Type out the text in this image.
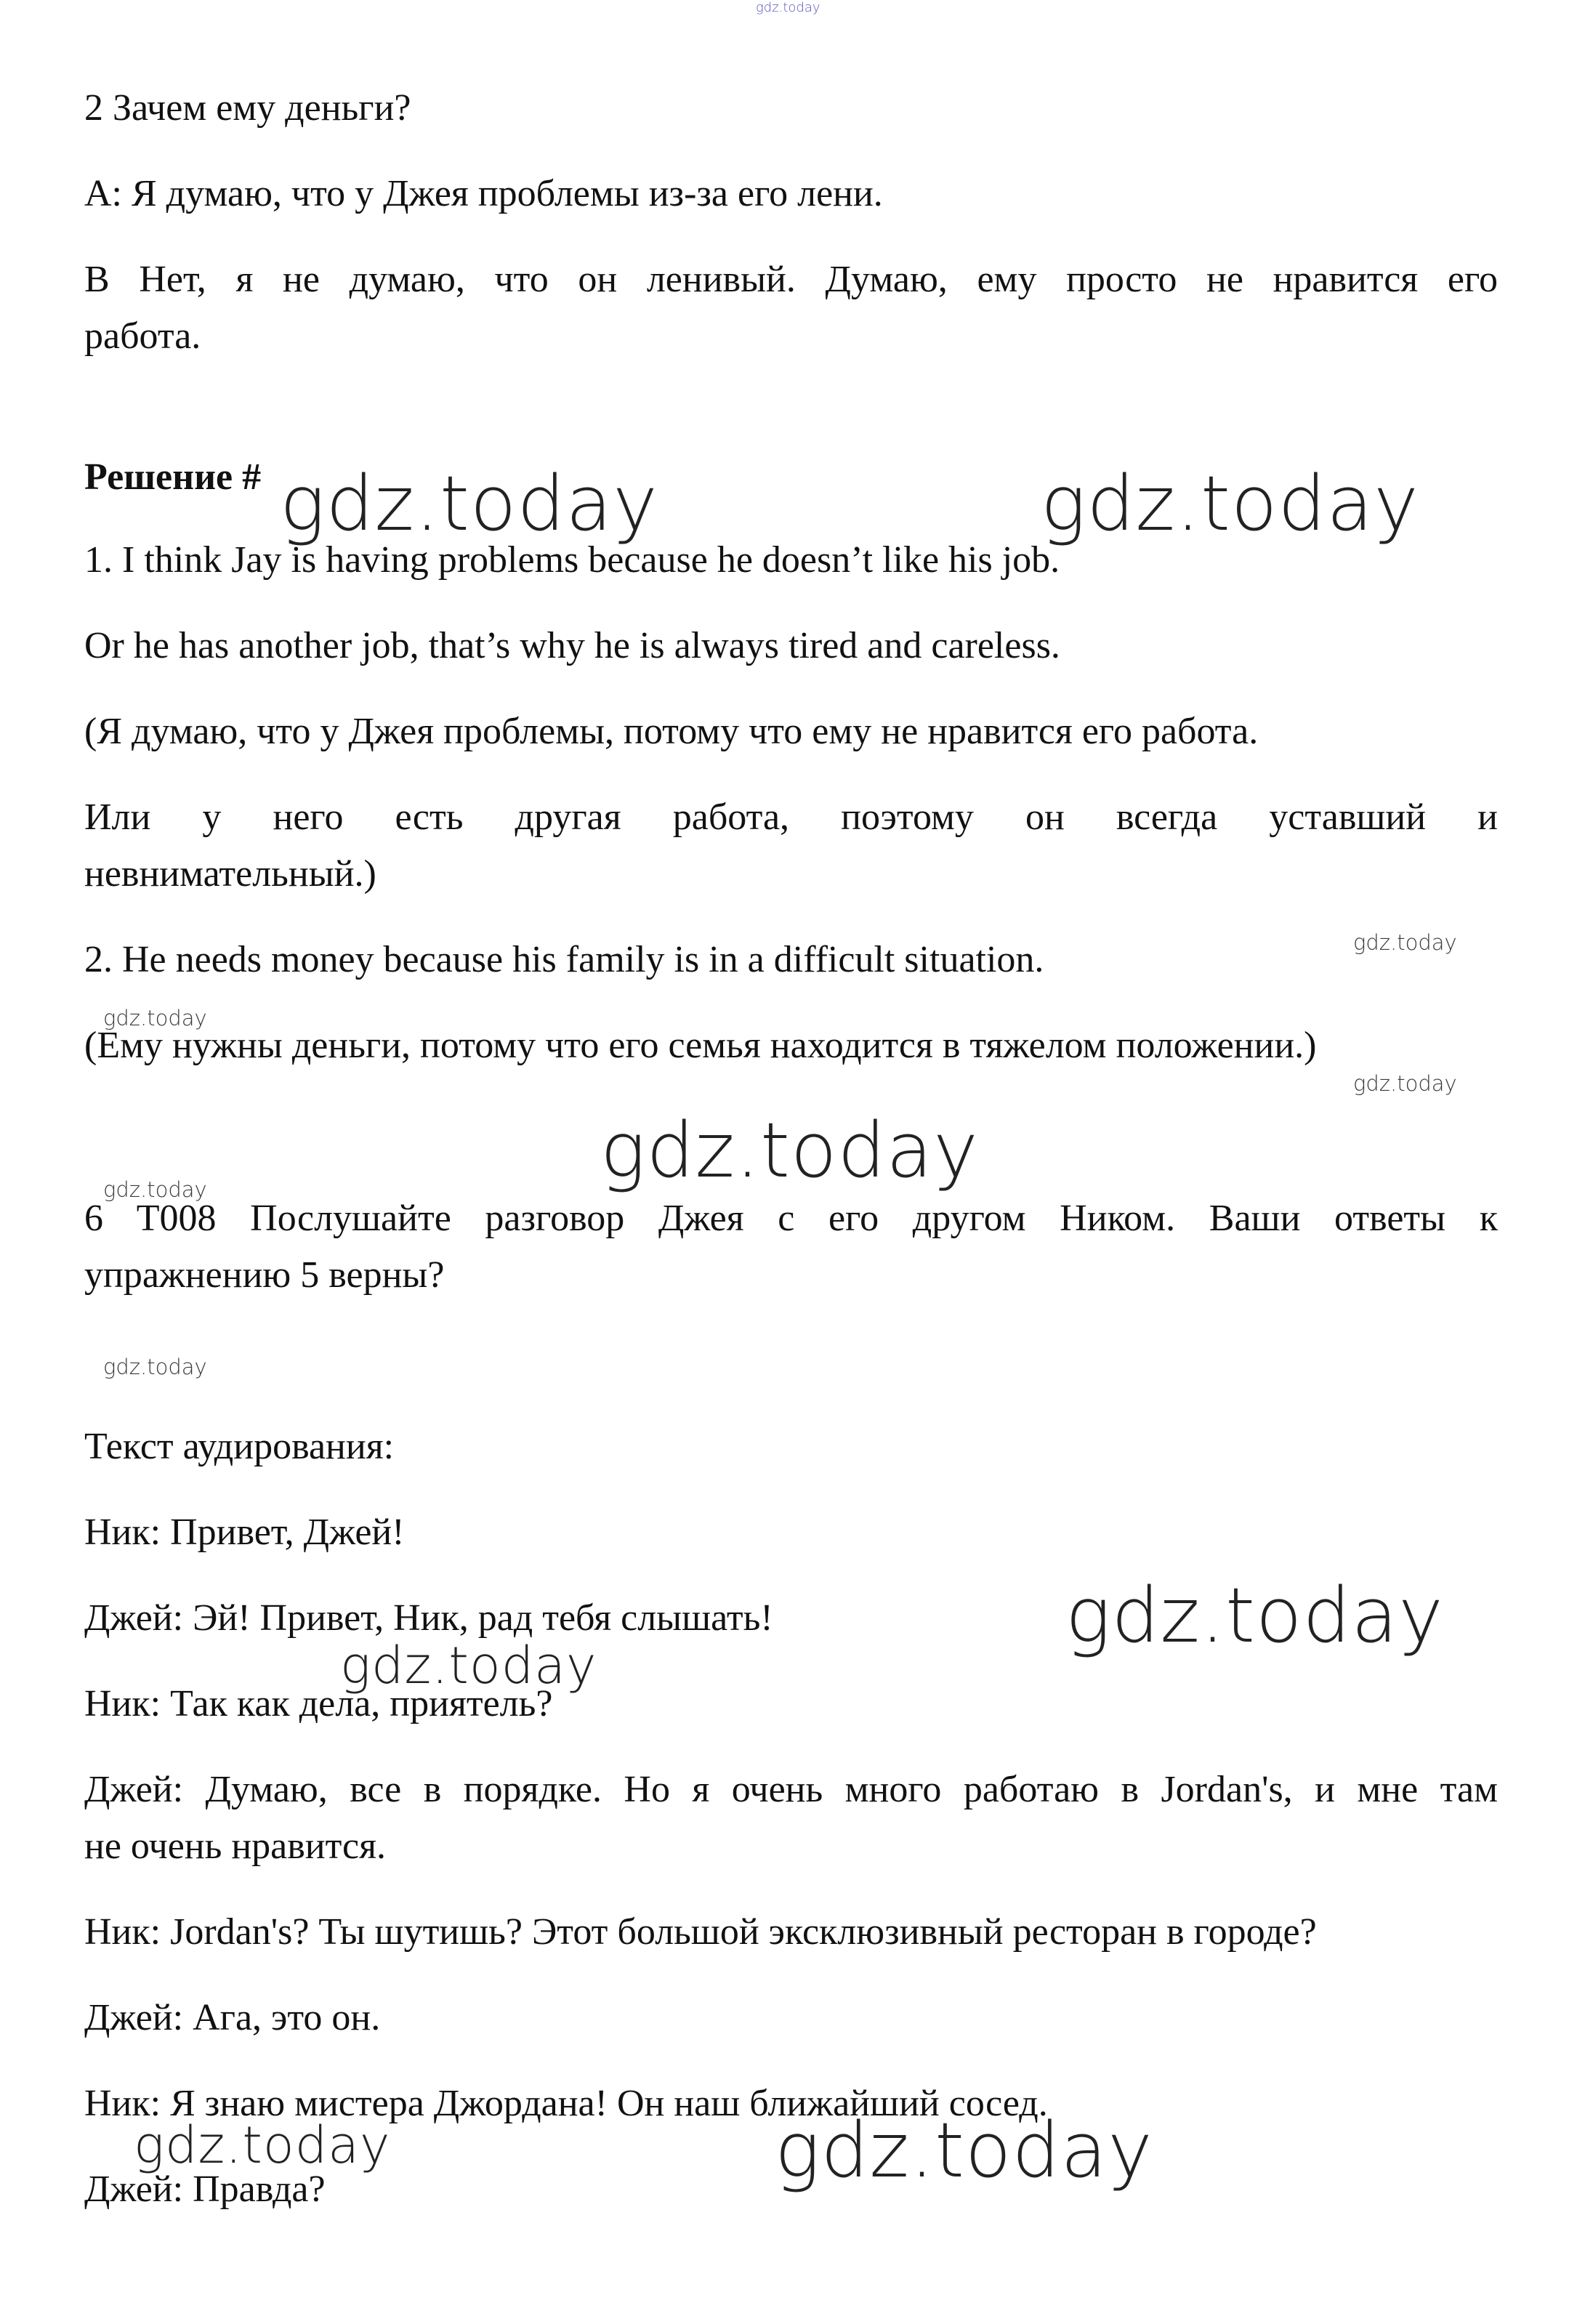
gdz.today

2 Зачем ему деньги?

A: Я думаю, что у Джея проблемы из-за его лени.

B Нет, я не думаю, что он ленивый. Думаю, ему просто не нравится его

работа.

Решение #

1. I think Jay is having problems because he doesn’t like his job.

Or he has another job, that’s why he is always tired and careless.

(Я думаю, что у Джея проблемы, потому что ему не нравится его работа.

Или у него есть другая работа, поэтому он всегда уставший и

невнимательный.)

2. He needs money because his family is in a difficult situation.

(Ему нужны деньги, потому что его семья находится в тяжелом положении.)

6 T008 Послушайте разговор Джея с его другом Ником. Ваши ответы к

упражнению 5 верны?

Текст аудирования:

Ник: Привет, Джей!

Джей: Эй! Привет, Ник, рад тебя слышать!

Ник: Так как дела, приятель?

Джей: Думаю, все в порядке. Но я очень много работаю в Jordan's, и мне там

не очень нравится.

Ник: Jordan's? Ты шутишь? Этот большой эксклюзивный ресторан в городе?

Джей: Ага, это он.

Ник: Я знаю мистера Джордана! Он наш ближайший сосед.

Джей: Правда?

gdz.today	gdz.today
gdz.today
gdz.today
gdz.today
gdz.today
gdz.today
gdz.today
gdz.today
gdz.today
gdz.today	gdz.today
